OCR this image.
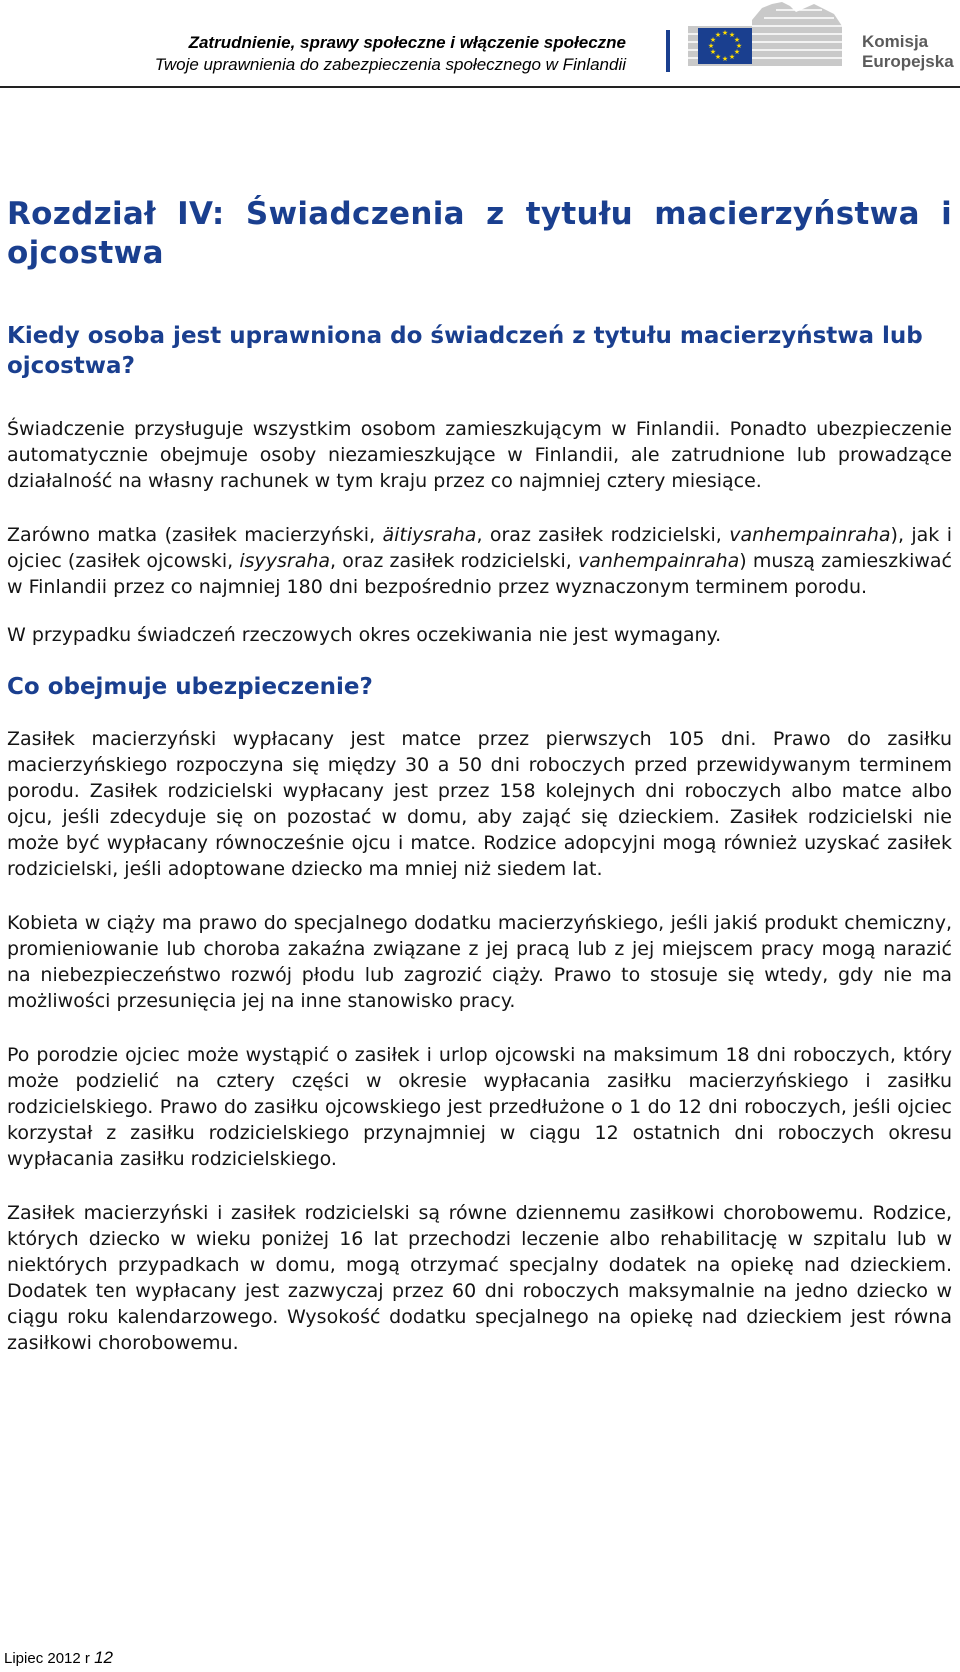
Zatrudnienie, sprawy społeczne i włączenie społeczne
Twoje uprawnienia do zabezpieczenia społecznego w Finlandii
★ ★
★
★
★
★
★
★
★
★
★
★	Komisja
Europejska
Rozdział IV: Świadczenia z tytułu macierzyństwa i ojcostwa
Kiedy osoba jest uprawniona do świadczeń z tytułu macierzyństwa lub ojcostwa?

Świadczenie przysługuje wszystkim osobom zamieszkującym w Finlandii. Ponadto ubezpieczenie automatycznie obejmuje osoby niezamieszkujące w Finlandii, ale zatrudnione lub prowadzące działalność na własny rachunek w tym kraju przez co najmniej cztery miesiące.

Zarówno matka (zasiłek macierzyński, äitiysraha, oraz zasiłek rodzicielski, vanhempainraha), jak i ojciec (zasiłek ojcowski, isyysraha, oraz zasiłek rodzicielski, vanhempainraha) muszą zamieszkiwać w Finlandii przez co najmniej 180 dni bezpośrednio przez wyznaczonym terminem porodu.

W przypadku świadczeń rzeczowych okres oczekiwania nie jest wymagany.

Co obejmuje ubezpieczenie?

Zasiłek macierzyński wypłacany jest matce przez pierwszych 105 dni. Prawo do zasiłku macierzyńskiego rozpoczyna się między 30 a 50 dni roboczych przed przewidywanym terminem porodu. Zasiłek rodzicielski wypłacany jest przez 158 kolejnych dni roboczych albo matce albo ojcu, jeśli zdecyduje się on pozostać w domu, aby zająć się dzieckiem. Zasiłek rodzicielski nie może być wypłacany równocześnie ojcu i matce. Rodzice adopcyjni mogą również uzyskać zasiłek rodzicielski, jeśli adoptowane dziecko ma mniej niż siedem lat.

Kobieta w ciąży ma prawo do specjalnego dodatku macierzyńskiego, jeśli jakiś produkt chemiczny, promieniowanie lub choroba zakaźna związane z jej pracą lub z jej miejscem pracy mogą narazić na niebezpieczeństwo rozwój płodu lub zagrozić ciąży. Prawo to stosuje się wtedy, gdy nie ma możliwości przesunięcia jej na inne stanowisko pracy.

Po porodzie ojciec może wystąpić o zasiłek i urlop ojcowski na maksimum 18 dni roboczych, który może podzielić na cztery części w okresie wypłacania zasiłku macierzyńskiego i zasiłku rodzicielskiego. Prawo do zasiłku ojcowskiego jest przedłużone o 1 do 12 dni roboczych, jeśli ojciec korzystał z zasiłku rodzicielskiego przynajmniej w ciągu 12 ostatnich dni roboczych okresu wypłacania zasiłku rodzicielskiego.

Zasiłek macierzyński i zasiłek rodzicielski są równe dziennemu zasiłkowi chorobowemu. Rodzice, których dziecko w wieku poniżej 16 lat przechodzi leczenie albo rehabilitację w szpitalu lub w niektórych przypadkach w domu, mogą otrzymać specjalny dodatek na opiekę nad dzieckiem. Dodatek ten wypłacany jest zazwyczaj przez 60 dni roboczych maksymalnie na jedno dziecko w ciągu roku kalendarzowego. Wysokość dodatku specjalnego na opiekę nad dzieckiem jest równa zasiłkowi chorobowemu.

Lipiec 2012 r 12
